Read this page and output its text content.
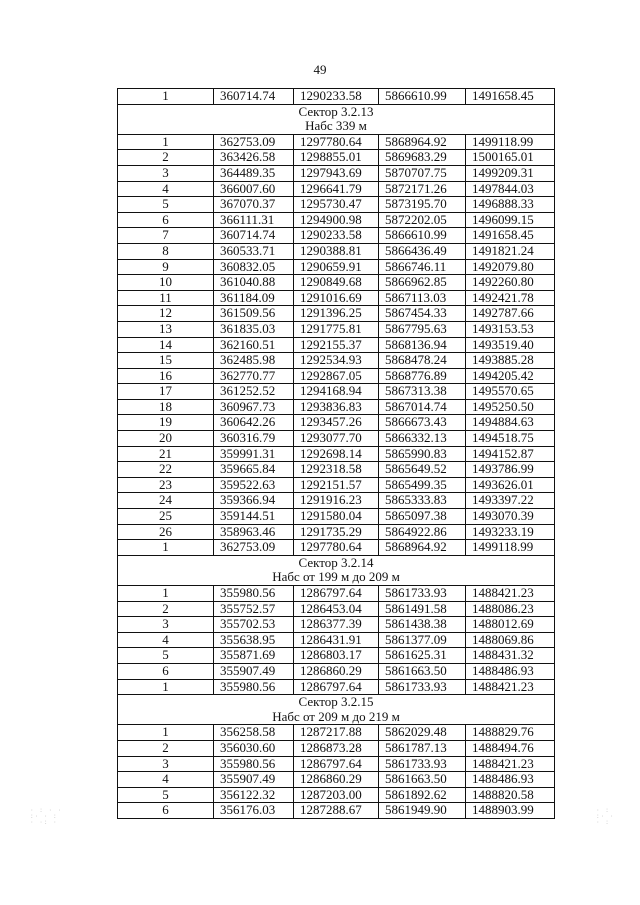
49
1	360714.74	1290233.58	5866610.99	1491658.45
Сектор 3.2.13				
Набс 339 м				
1	362753.09	1297780.64	5868964.92	1499118.99
2	363426.58	1298855.01	5869683.29	1500165.01
3	364489.35	1297943.69	5870707.75	1499209.31
4	366007.60	1296641.79	5872171.26	1497844.03
5	367070.37	1295730.47	5873195.70	1496888.33
6	366111.31	1294900.98	5872202.05	1496099.15
7	360714.74	1290233.58	5866610.99	1491658.45
8	360533.71	1290388.81	5866436.49	1491821.24
9	360832.05	1290659.91	5866746.11	1492079.80
10	361040.88	1290849.68	5866962.85	1492260.80
11	361184.09	1291016.69	5867113.03	1492421.78
12	361509.56	1291396.25	5867454.33	1492787.66
13	361835.03	1291775.81	5867795.63	1493153.53
14	362160.51	1292155.37	5868136.94	1493519.40
15	362485.98	1292534.93	5868478.24	1493885.28
16	362770.77	1292867.05	5868776.89	1494205.42
17	361252.52	1294168.94	5867313.38	1495570.65
18	360967.73	1293836.83	5867014.74	1495250.50
19	360642.26	1293457.26	5866673.43	1494884.63
20	360316.79	1293077.70	5866332.13	1494518.75
21	359991.31	1292698.14	5865990.83	1494152.87
22	359665.84	1292318.58	5865649.52	1493786.99
23	359522.63	1292151.57	5865499.35	1493626.01
24	359366.94	1291916.23	5865333.83	1493397.22
25	359144.51	1291580.04	5865097.38	1493070.39
26	358963.46	1291735.29	5864922.86	1493233.19
1	362753.09	1297780.64	5868964.92	1499118.99
Сектор 3.2.14				
Набс от 199 м до 209 м				
1	355980.56	1286797.64	5861733.93	1488421.23
2	355752.57	1286453.04	5861491.58	1488086.23
3	355702.53	1286377.39	5861438.38	1488012.69
4	355638.95	1286431.91	5861377.09	1488069.86
5	355871.69	1286803.17	5861625.31	1488431.32
6	355907.49	1286860.29	5861663.50	1488486.93
1	355980.56	1286797.64	5861733.93	1488421.23
Сектор 3.2.15				
Набс от 209 м до 219 м				
1	356258.58	1287217.88	5862029.48	1488829.76
2	356030.60	1286873.28	5861787.13	1488494.76
3	355980.56	1286797.64	5861733.93	1488421.23
4	355907.49	1286860.29	5861663.50	1488486.93
5	356122.32	1287203.00	5861892.62	1488820.58
6	356176.03	1287288.67	5861949.90	1488903.99
· : · ·
:· · :
· ·: ·
· :
:· ·
· :
